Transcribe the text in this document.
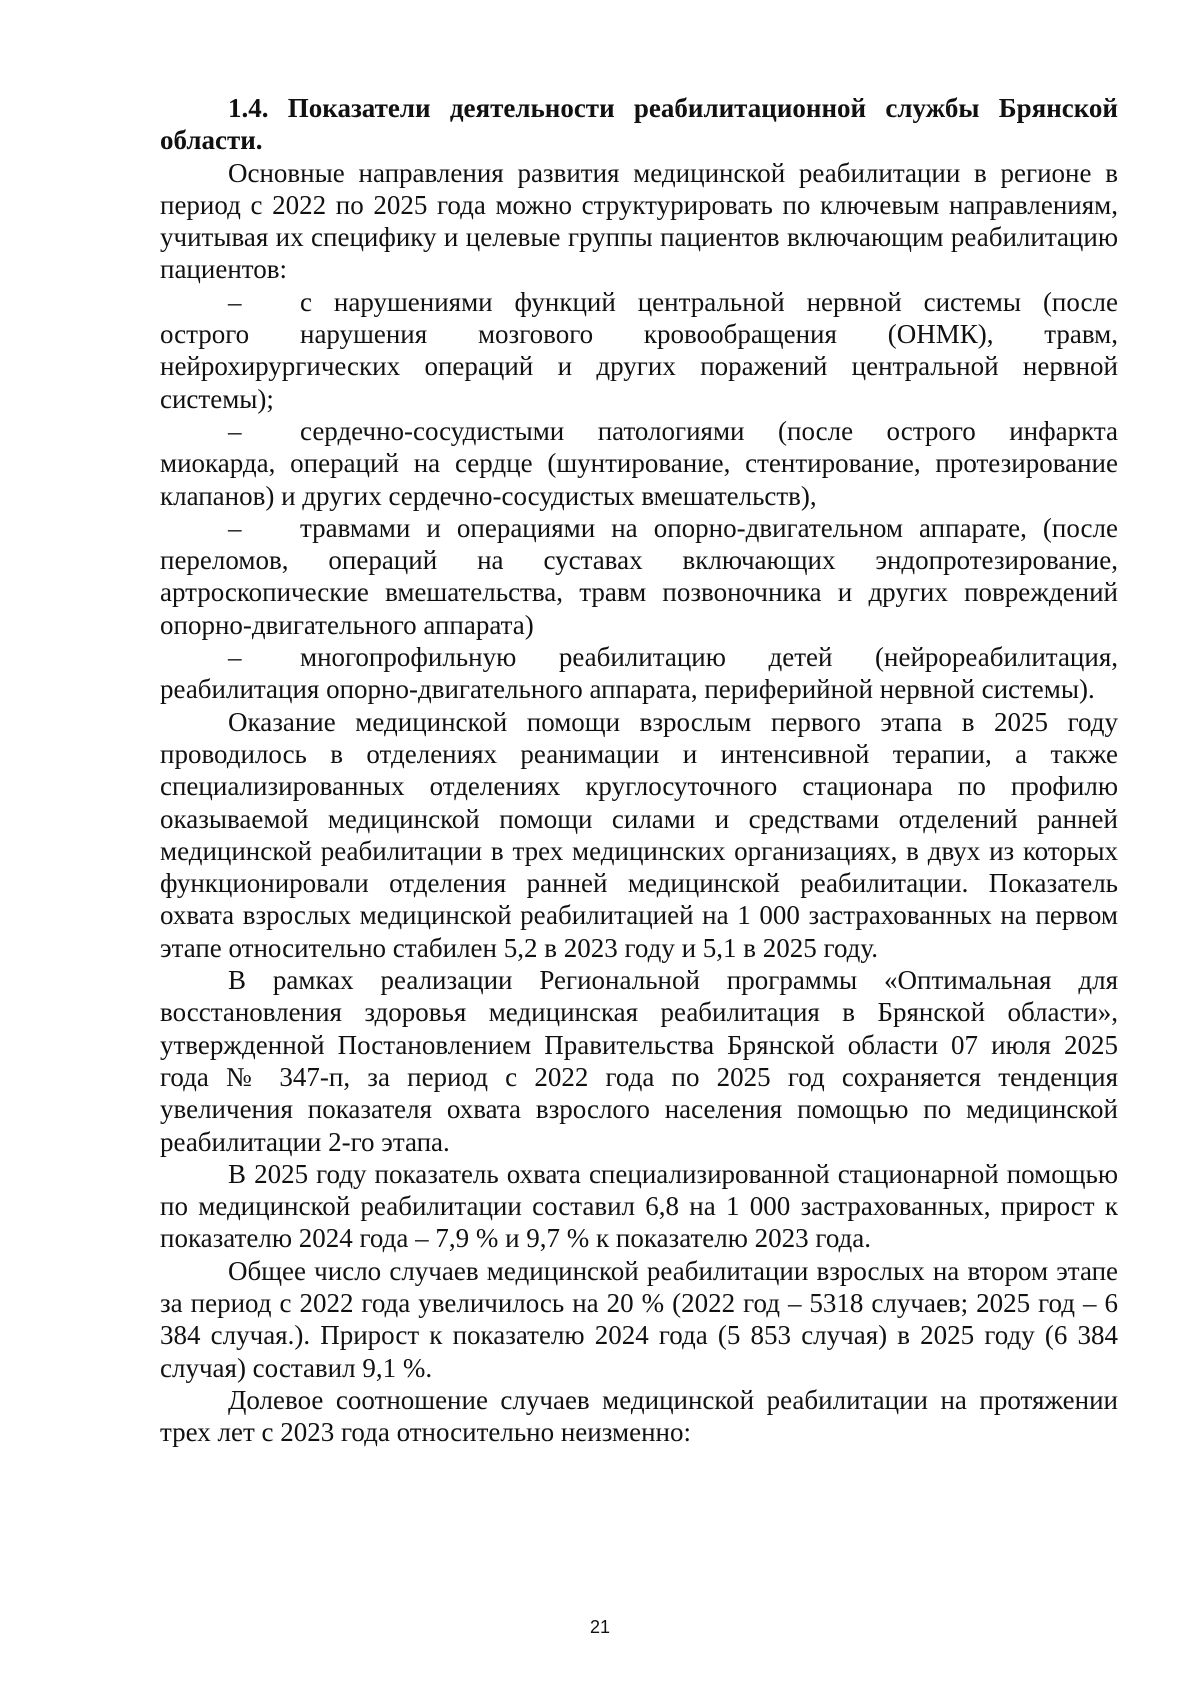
1.4. Показатели деятельности реабилитационной службы Брянской области.

Основные направления развития медицинской реабилитации в регионе в период с 2022 по 2025 года можно структурировать по ключевым направлениям, учитывая их специфику и целевые группы пациентов включающим реабилитацию пациентов:

– с нарушениями функций центральной нервной системы (после острого нарушения мозгового кровообращения (ОНМК), травм, нейрохирургических операций и других поражений центральной нервной системы);

– сердечно-сосудистыми патологиями (после острого инфаркта миокарда, операций на сердце (шунтирование, стентирование, протезирование клапанов) и других сердечно-сосудистых вмешательств),

– травмами и операциями на опорно-двигательном аппарате, (после переломов, операций на суставах включающих эндопротезирование, артроскопические вмешательства, травм позвоночника и других повреждений опорно-двигательного аппарата)

– многопрофильную реабилитацию детей (нейрореабилитация, реабилитация опорно-двигательного аппарата, периферийной нервной системы).

Оказание медицинской помощи взрослым первого этапа в 2025 году проводилось в отделениях реанимации и интенсивной терапии, а также специализированных отделениях круглосуточного стационара по профилю оказываемой медицинской помощи силами и средствами отделений ранней медицинской реабилитации в трех медицинских организациях, в двух из которых функционировали отделения ранней медицинской реабилитации. Показатель охвата взрослых медицинской реабилитацией на 1 000 застрахованных на первом этапе относительно стабилен 5,2 в 2023 году и 5,1 в 2025 году.

В рамках реализации Региональной программы «Оптимальная для восстановления здоровья медицинская реабилитация в Брянской области», утвержденной Постановлением Правительства Брянской области 07 июля 2025 года № 347-п, за период с 2022 года по 2025 год сохраняется тенденция увеличения показателя охвата взрослого населения помощью по медицинской реабилитации 2-го этапа.

В 2025 году показатель охвата специализированной стационарной помощью по медицинской реабилитации составил 6,8 на 1 000 застрахованных, прирост к показателю 2024 года – 7,9 % и 9,7 % к показателю 2023 года.

Общее число случаев медицинской реабилитации взрослых на втором этапе за период с 2022 года увеличилось на 20 % (2022 год – 5318 случаев; 2025 год – 6 384 случая.). Прирост к показателю 2024 года (5 853 случая) в 2025 году (6 384 случая) составил 9,1 %.

Долевое соотношение случаев медицинской реабилитации на протяжении трех лет с 2023 года относительно неизменно:

21
